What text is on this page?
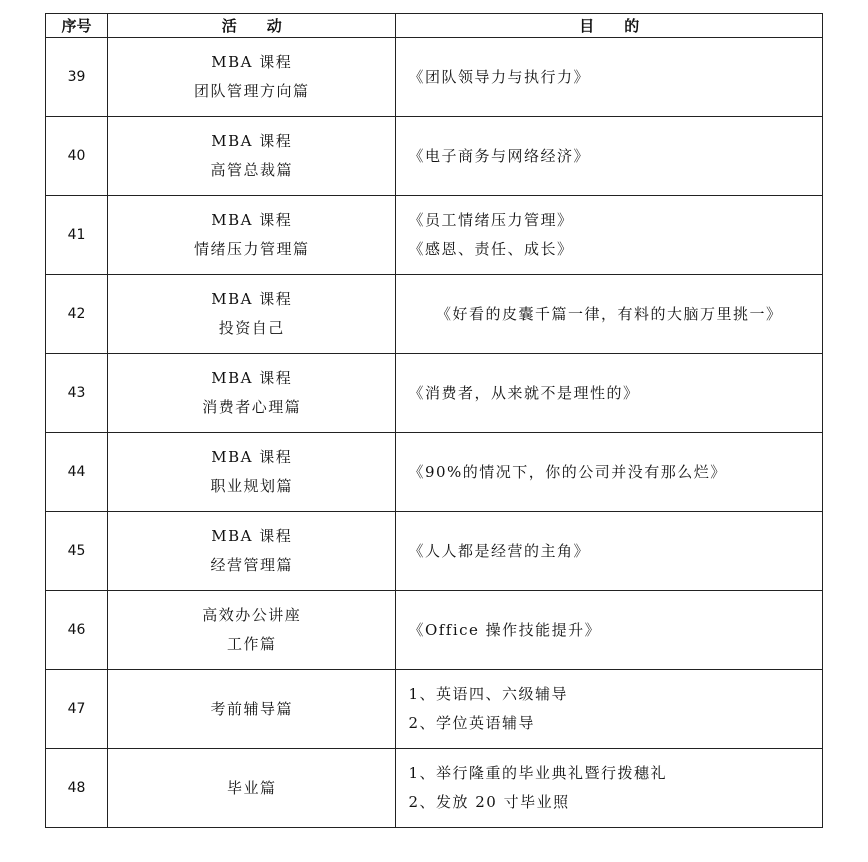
序号	活　　动	目　　的
39	MBA 课程
团队管理方向篇	《团队领导力与执行力》

40	MBA 课程
高管总裁篇	《电子商务与网络经济》

41	MBA 课程
情绪压力管理篇	《员工情绪压力管理》
《感恩、责任、成长》

42	MBA 课程
投资自己	《好看的皮囊千篇一律，有料的大脑万里挑一》

43	MBA 课程
消费者心理篇	《消费者，从来就不是理性的》

44	MBA 课程
职业规划篇	《90%的情况下，你的公司并没有那么烂》

45	MBA 课程
经营管理篇	《人人都是经营的主角》

46	高效办公讲座
工作篇	《Office 操作技能提升》

47	考前辅导篇	1、英语四、六级辅导
2、学位英语辅导

48	毕业篇	1、举行隆重的毕业典礼暨行拨穗礼
2、发放 20 寸毕业照
